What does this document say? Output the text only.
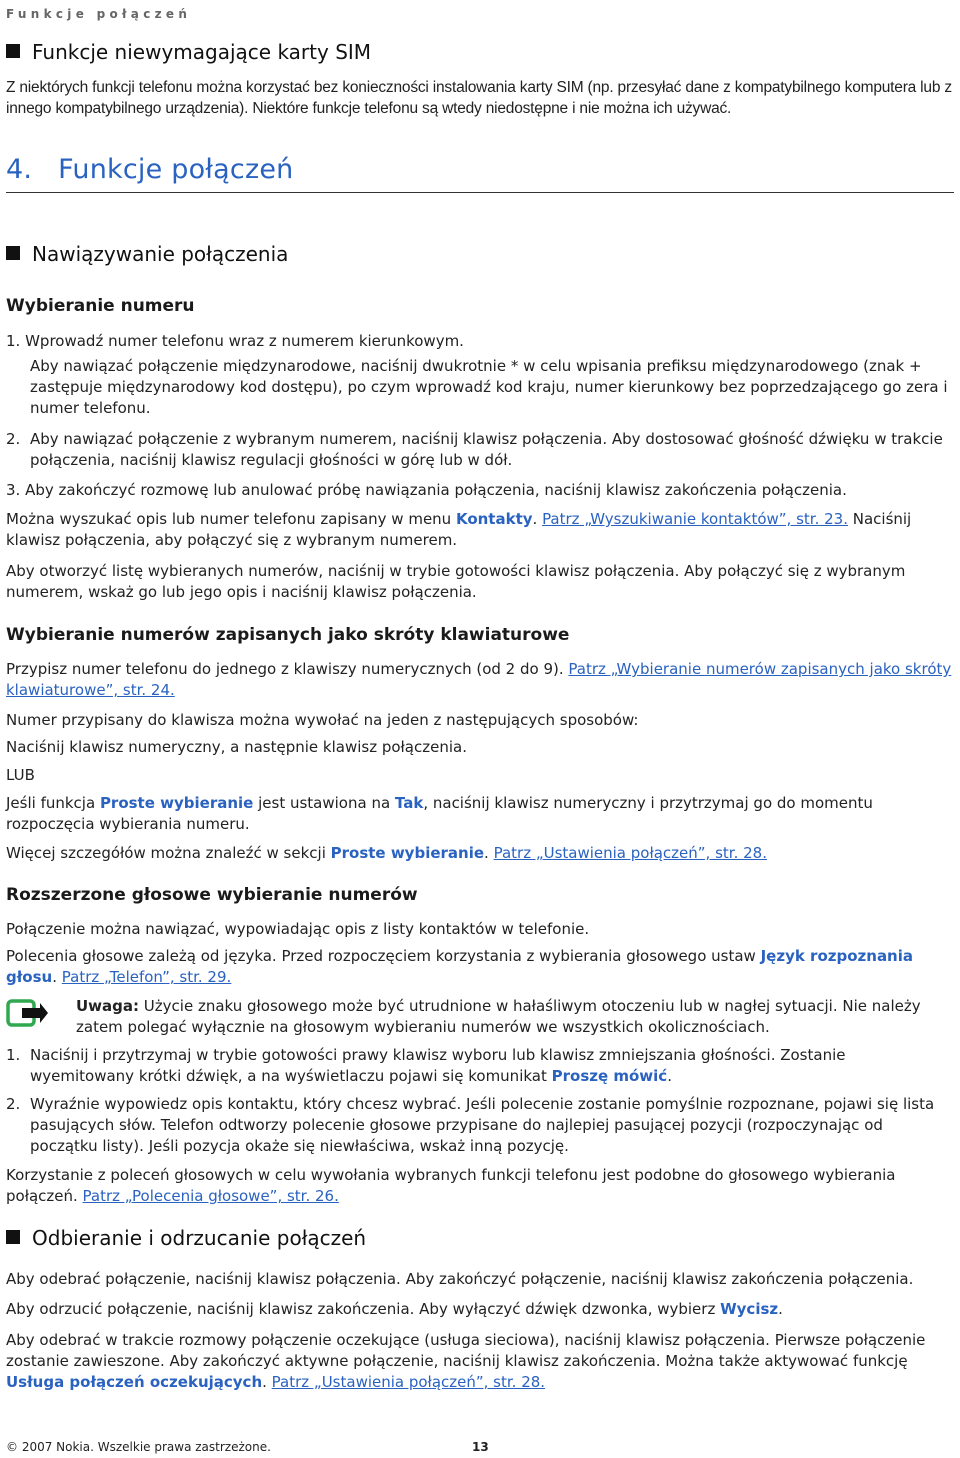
Funkcje połączeń
Funkcje niewymagające karty SIM
Z niektórych funkcji telefonu można korzystać bez konieczności instalowania karty SIM (np. przesyłać dane z kompatybilnego komputera lub z innego kompatybilnego urządzenia). Niektóre funkcje telefonu są wtedy niedostępne i nie można ich używać.
4. Funkcje połączeń
Nawiązywanie połączenia
Wybieranie numeru
1. Wprowadź numer telefonu wraz z numerem kierunkowym.
Aby nawiązać połączenie międzynarodowe, naciśnij dwukrotnie * w celu wpisania prefiksu międzynarodowego (znak + zastępuje międzynarodowy kod dostępu), po czym wprowadź kod kraju, numer kierunkowy bez poprzedzającego go zera i numer telefonu.
2. Aby nawiązać połączenie z wybranym numerem, naciśnij klawisz połączenia. Aby dostosować głośność dźwięku w trakcie połączenia, naciśnij klawisz regulacji głośności w górę lub w dół.
3. Aby zakończyć rozmowę lub anulować próbę nawiązania połączenia, naciśnij klawisz zakończenia połączenia.
Można wyszukać opis lub numer telefonu zapisany w menu Kontakty. Patrz „Wyszukiwanie kontaktów”, str. 23. Naciśnij klawisz połączenia, aby połączyć się z wybranym numerem.
Aby otworzyć listę wybieranych numerów, naciśnij w trybie gotowości klawisz połączenia. Aby połączyć się z wybranym numerem, wskaż go lub jego opis i naciśnij klawisz połączenia.
Wybieranie numerów zapisanych jako skróty klawiaturowe
Przypisz numer telefonu do jednego z klawiszy numerycznych (od 2 do 9). Patrz „Wybieranie numerów zapisanych jako skróty klawiaturowe”, str. 24.
Numer przypisany do klawisza można wywołać na jeden z następujących sposobów:
Naciśnij klawisz numeryczny, a następnie klawisz połączenia.
LUB
Jeśli funkcja Proste wybieranie jest ustawiona na Tak, naciśnij klawisz numeryczny i przytrzymaj go do momentu rozpoczęcia wybierania numeru.
Więcej szczegółów można znaleźć w sekcji Proste wybieranie. Patrz „Ustawienia połączeń”, str. 28.
Rozszerzone głosowe wybieranie numerów
Połączenie można nawiązać, wypowiadając opis z listy kontaktów w telefonie.
Polecenia głosowe zależą od języka. Przed rozpoczęciem korzystania z wybierania głosowego ustaw Język rozpoznania głosu. Patrz „Telefon”, str. 29.
Uwaga: Użycie znaku głosowego może być utrudnione w hałaśliwym otoczeniu lub w nagłej sytuacji. Nie należy zatem polegać wyłącznie na głosowym wybieraniu numerów we wszystkich okolicznościach.
1. Naciśnij i przytrzymaj w trybie gotowości prawy klawisz wyboru lub klawisz zmniejszania głośności. Zostanie wyemitowany krótki dźwięk, a na wyświetlaczu pojawi się komunikat Proszę mówić.
2. Wyraźnie wypowiedz opis kontaktu, który chcesz wybrać. Jeśli polecenie zostanie pomyślnie rozpoznane, pojawi się lista pasujących słów. Telefon odtworzy polecenie głosowe przypisane do najlepiej pasującej pozycji (rozpoczynając od początku listy). Jeśli pozycja okaże się niewłaściwa, wskaż inną pozycję.
Korzystanie z poleceń głosowych w celu wywołania wybranych funkcji telefonu jest podobne do głosowego wybierania połączeń. Patrz „Polecenia głosowe”, str. 26.
Odbieranie i odrzucanie połączeń
Aby odebrać połączenie, naciśnij klawisz połączenia. Aby zakończyć połączenie, naciśnij klawisz zakończenia połączenia.
Aby odrzucić połączenie, naciśnij klawisz zakończenia. Aby wyłączyć dźwięk dzwonka, wybierz Wycisz.
Aby odebrać w trakcie rozmowy połączenie oczekujące (usługa sieciowa), naciśnij klawisz połączenia. Pierwsze połączenie zostanie zawieszone. Aby zakończyć aktywne połączenie, naciśnij klawisz zakończenia. Można także aktywować funkcję Usługa połączeń oczekujących. Patrz „Ustawienia połączeń”, str. 28.
© 2007 Nokia. Wszelkie prawa zastrzeżone.	13
